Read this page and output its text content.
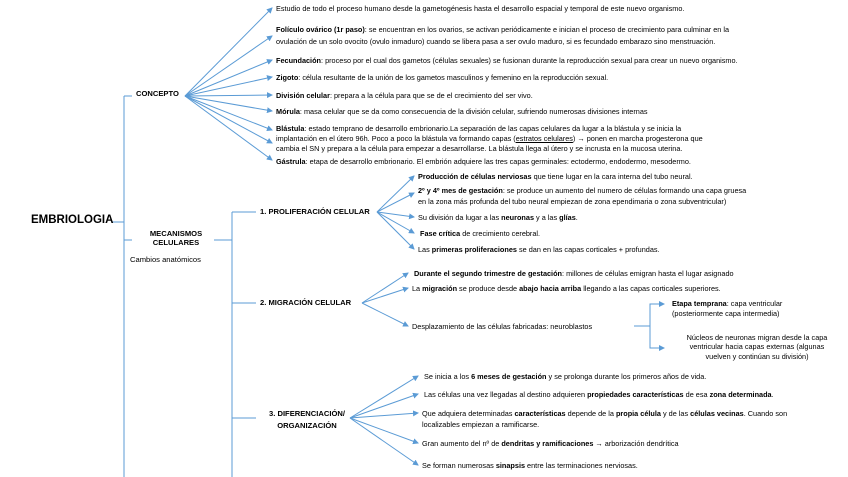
EMBRIOLOGIA
CONCEPTO
Estudio de todo el proceso humano desde la gametogénesis hasta el desarrollo espacial y temporal de este nuevo organismo.
Folículo ovárico (1r paso): se encuentran en los ovarios, se activan periódicamente e inician el proceso de crecimiento para culminar en la
ovulación de un solo ovocito (ovulo inmaduro) cuando se libera pasa a ser ovulo maduro, si es fecundado embarazo sino menstruación.
Fecundación: proceso por el cual dos gametos (células sexuales) se fusionan durante la reproducción sexual para crear un nuevo organismo.
Zigoto: célula resultante de la unión de los gametos masculinos y femenino en la reproducción sexual.
División celular: prepara a la célula para que se de el crecimiento del ser vivo.
Mórula: masa celular que se da como consecuencia de la división celular, sufriendo numerosas divisiones internas
Blástula: estado temprano de desarrollo embrionario.La separación de las capas celulares da lugar a la blástula y se inicia la
implantación en el útero 96h. Poco a poco la blástula va formando capas (estratos celulares) → ponen en marcha progesterona que
cambia el SN y prepara a la célula para empezar a desarrollarse. La blástula llega al útero y se incrusta en la mucosa uterina.
Gástrula: etapa de desarrollo embrionario. El embrión adquiere las tres capas germinales: ectodermo, endodermo, mesodermo.
MECANISMOS
CELULARES
Cambios anatómicos
1. PROLIFERACIÓN CELULAR
Producción de células nerviosas que tiene lugar en la cara interna del tubo neural.
2º y 4º mes de gestación: se produce un aumento del numero de células formando una capa gruesa
en la zona más profunda del tubo neural empiezan de zona ependimaria o zona subventricular)
Su división da lugar a las neuronas y a las glías.
Fase crítica de crecimiento cerebral.
Las primeras proliferaciones se dan en las capas corticales + profundas.
2. MIGRACIÓN CELULAR
Durante el segundo trimestre de gestación: millones de células emigran hasta el lugar asignado
La migración se produce desde abajo hacia arriba llegando a las capas corticales superiores.
Desplazamiento de las células fabricadas: neuroblastos
Etapa temprana: capa ventricular
(posteriormente capa intermedia)
Núcleos de neuronas migran desde la capa
ventricular hacia capas externas (algunas
vuelven y continúan su división)
3. DIFERENCIACIÓN/
ORGANIZACIÓN
Se inicia a los 6 meses de gestación y se prolonga durante los primeros años de vida.
Las células una vez llegadas al destino adquieren propiedades características de esa zona determinada.
Que adquiera determinadas características depende de la propia célula y de las células vecinas. Cuando son
localizables empiezan a ramificarse.
Gran aumento del nº de dendritas y ramificaciones → arborización dendrítica
Se forman numerosas sinapsis entre las terminaciones nerviosas.
